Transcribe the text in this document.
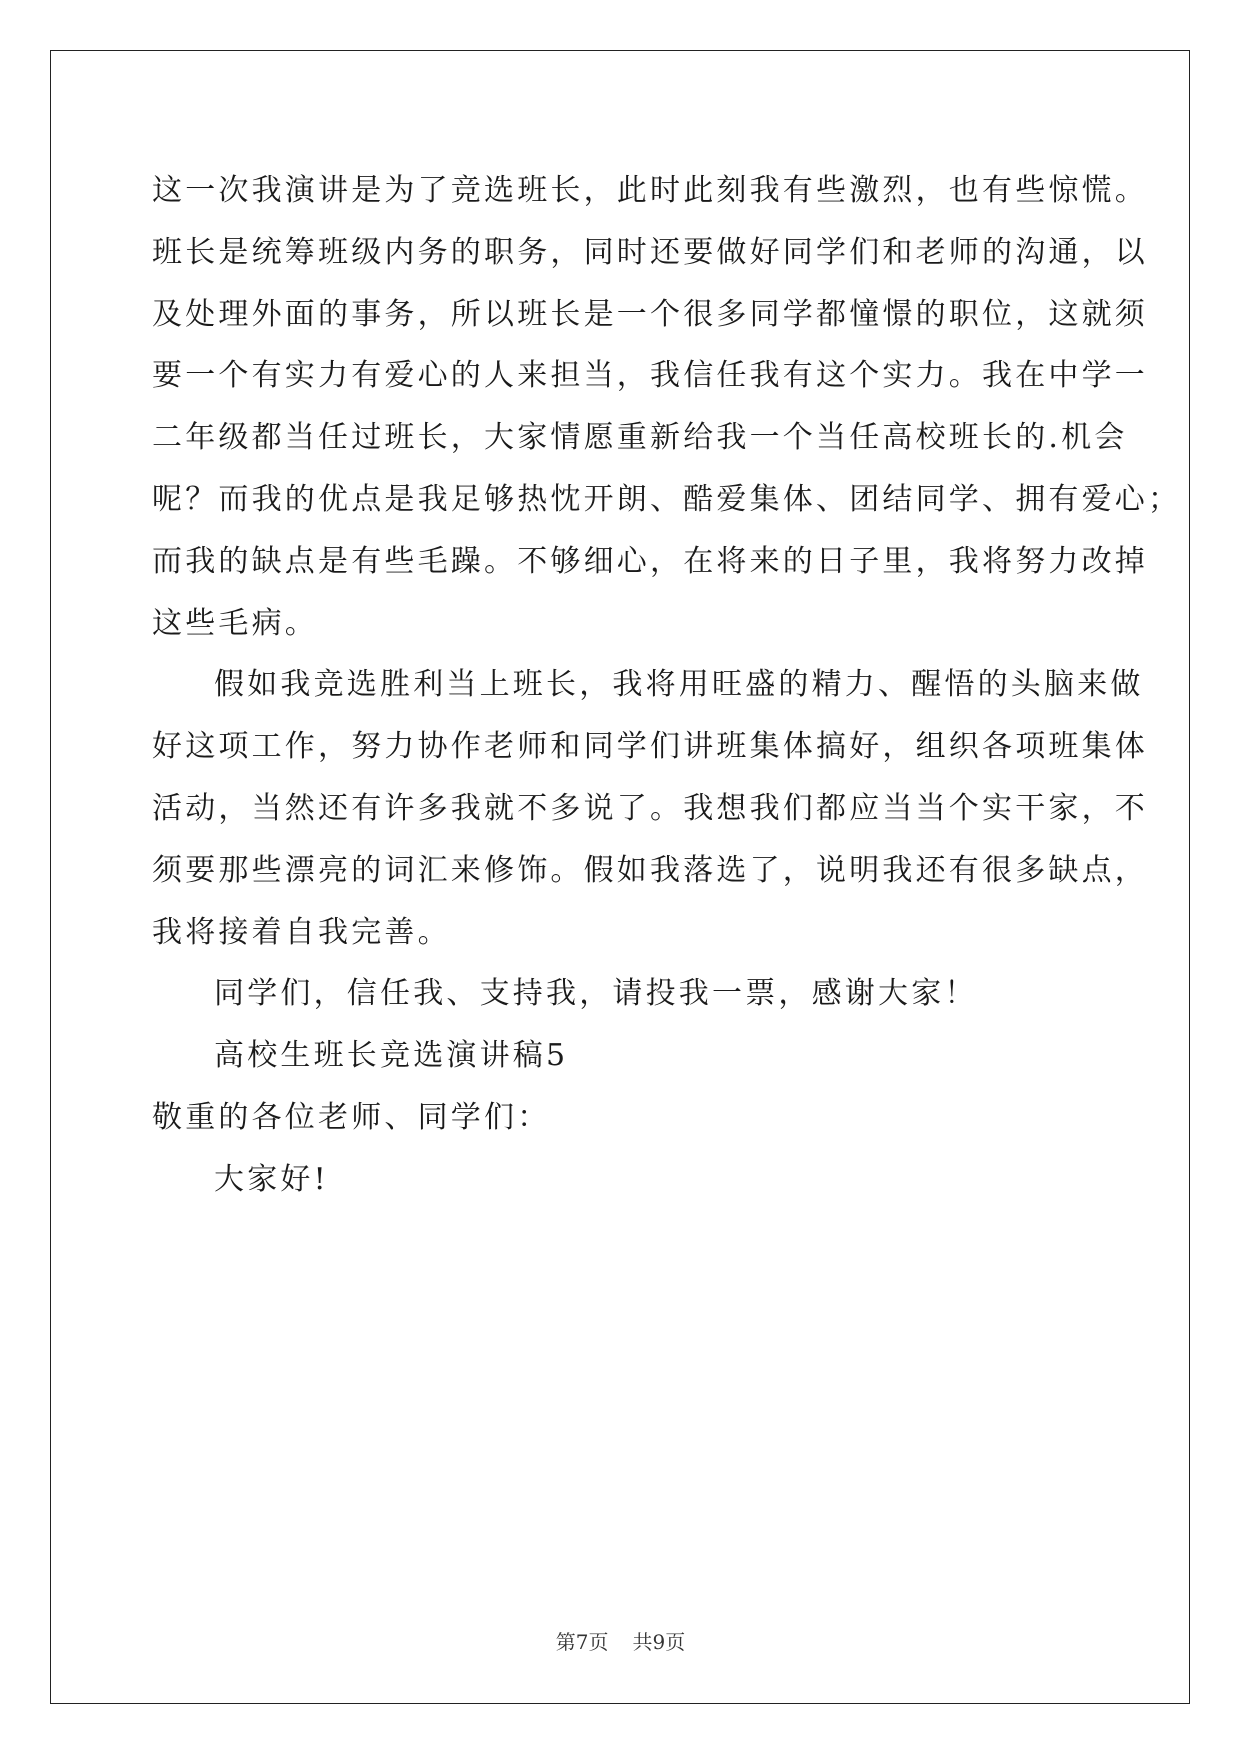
这一次我演讲是为了竞选班长，此时此刻我有些激烈，也有些惊慌。
班长是统筹班级内务的职务，同时还要做好同学们和老师的沟通，以
及处理外面的事务，所以班长是一个很多同学都憧憬的职位，这就须
要一个有实力有爱心的人来担当，我信任我有这个实力。我在中学一
二年级都当任过班长，大家情愿重新给我一个当任高校班长的.机会
呢？而我的优点是我足够热忱开朗、酷爱集体、团结同学、拥有爱心；
而我的缺点是有些毛躁。不够细心，在将来的日子里，我将努力改掉
这些毛病。
假如我竞选胜利当上班长，我将用旺盛的精力、醒悟的头脑来做
好这项工作，努力协作老师和同学们讲班集体搞好，组织各项班集体
活动，当然还有许多我就不多说了。我想我们都应当当个实干家，不
须要那些漂亮的词汇来修饰。假如我落选了，说明我还有很多缺点，
我将接着自我完善。
同学们，信任我、支持我，请投我一票，感谢大家！
高校生班长竞选演讲稿5
敬重的各位老师、同学们：
大家好!
第7页 共9页
